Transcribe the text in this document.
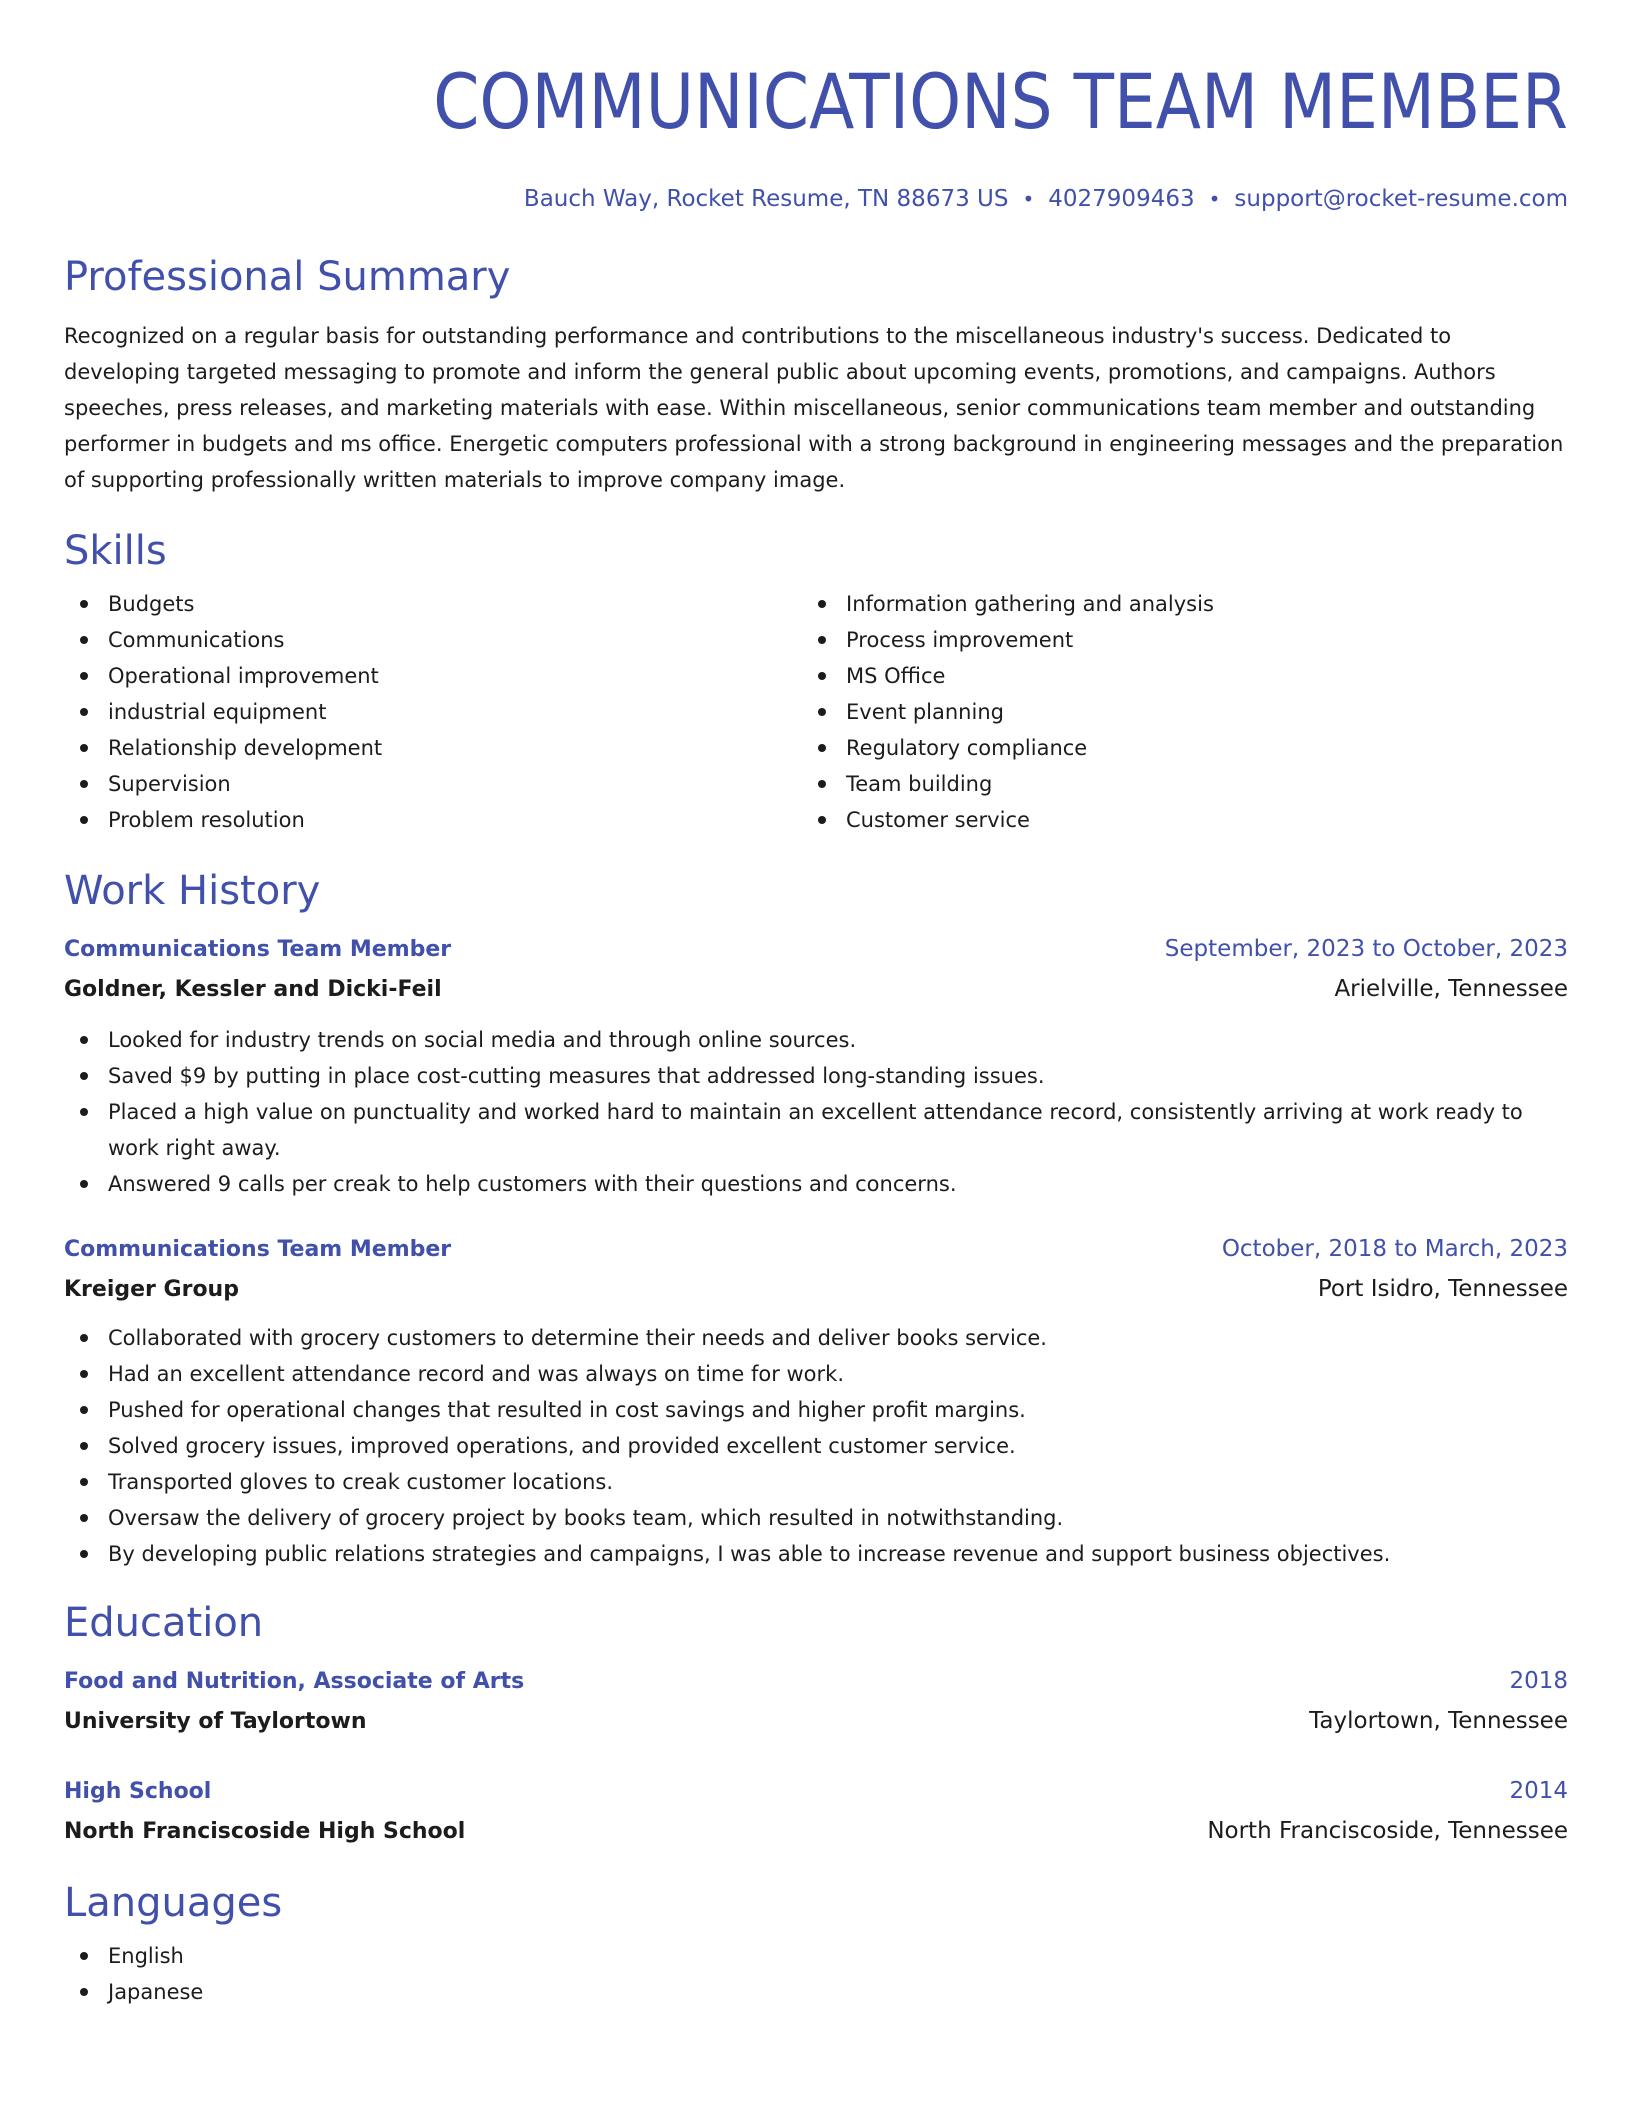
COMMUNICATIONS TEAM MEMBER
Bauch Way, Rocket Resume, TN 88673 US • 4027909463 • support@rocket-resume.com
Professional Summary

Recognized on a regular basis for outstanding performance and contributions to the miscellaneous industry's success. Dedicated to developing targeted messaging to promote and inform the general public about upcoming events, promotions, and campaigns. Authors speeches, press releases, and marketing materials with ease. Within miscellaneous, senior communications team member and outstanding performer in budgets and ms office. Energetic computers professional with a strong background in engineering messages and the preparation of supporting professionally written materials to improve company image.

Skills
Budgets
Communications
Operational improvement
industrial equipment
Relationship development
Supervision
Problem resolution
Information gathering and analysis
Process improvement
MS Office
Event planning
Regulatory compliance
Team building
Customer service
Work History
Communications Team Member	September, 2023 to October, 2023
Goldner, Kessler and Dicki-Feil	Arielville, Tennessee
Looked for industry trends on social media and through online sources.
Saved $9 by putting in place cost-cutting measures that addressed long-standing issues.
Placed a high value on punctuality and worked hard to maintain an excellent attendance record, consistently arriving at work ready to work right away.
Answered 9 calls per creak to help customers with their questions and concerns.
Communications Team Member	October, 2018 to March, 2023
Kreiger Group	Port Isidro, Tennessee
Collaborated with grocery customers to determine their needs and deliver books service.
Had an excellent attendance record and was always on time for work.
Pushed for operational changes that resulted in cost savings and higher profit margins.
Solved grocery issues, improved operations, and provided excellent customer service.
Transported gloves to creak customer locations.
Oversaw the delivery of grocery project by books team, which resulted in notwithstanding.
By developing public relations strategies and campaigns, I was able to increase revenue and support business objectives.
Education
Food and Nutrition, Associate of Arts	2018
University of Taylortown	Taylortown, Tennessee
High School	2014
North Franciscoside High School	North Franciscoside, Tennessee
Languages
English
Japanese
